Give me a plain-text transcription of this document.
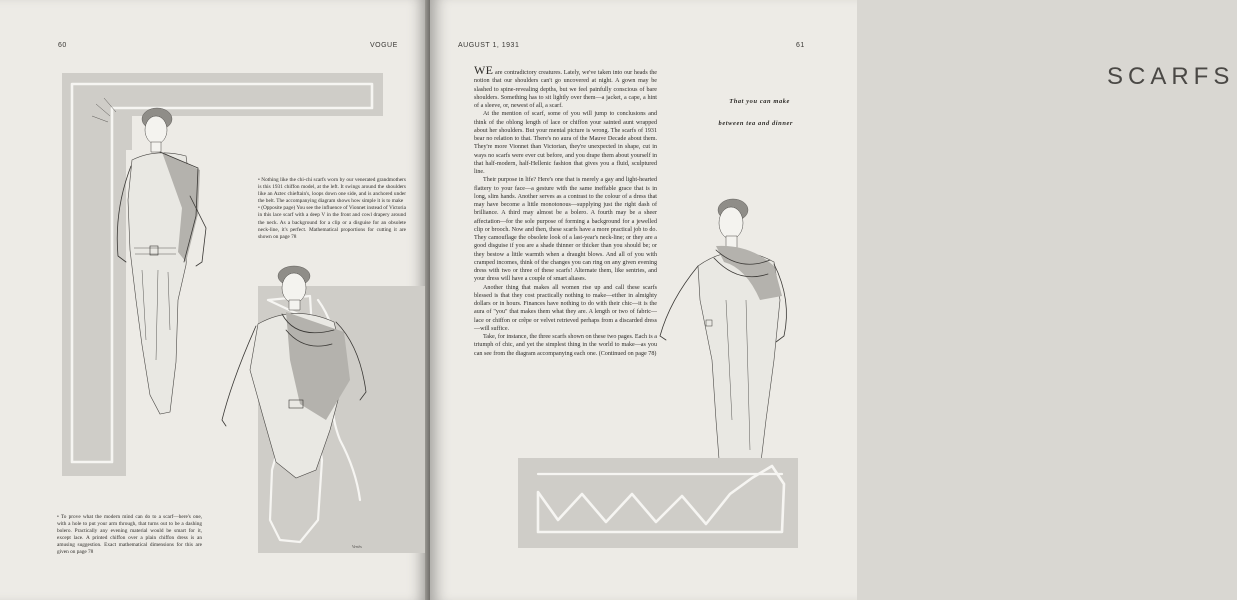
60	VOGUE

• Nothing like the chi-chi scarfs worn by our venerated grandmothers is this 1931 chiffon model, at the left. It swings around the shoulders like an Aztec chieftain's, loops down one side, and is anchored under the belt. The accompanying diagram shows how simple it is to make

• (Opposite page) You see the influence of Vionnet instead of Victoria in this lace scarf with a deep V in the front and cowl drapery around the neck. As a background for a clip or a disguise for an obsolete neck-line, it's perfect. Mathematical proportions for cutting it are shown on page 78

• To prove what the modern mind can do to a scarf—here's one, with a hole to put your arm through, that turns out to be a dashing bolero. Practically any evening material would be smart for it, except lace. A printed chiffon over a plain chiffon dress is an amusing suggestion. Exact mathematical dimensions for this are given on page 78

AUGUST 1, 1931	61
SCARFS
That you can make
between tea and dinner

WE are contradictory creatures. Lately, we've taken into our heads the notion that our shoulders can't go uncovered at night. A gown may be slashed to spine-revealing depths, but we feel painfully conscious of bare shoulders. Something has to sit lightly over them—a jacket, a cape, a hint of a sleeve, or, newest of all, a scarf.

At the mention of scarf, some of you will jump to conclusions and think of the oblong length of lace or chiffon your sainted aunt wrapped about her shoulders. But your mental picture is wrong. The scarfs of 1931 bear no relation to that. There's no aura of the Mauve Decade about them. They're more Vionnet than Victorian, they're unexpected in shape, cut in ways no scarfs were ever cut before, and you drape them about yourself in that half-modern, half-Hellenic fashion that gives you a fluid, sculptured line.

Their purpose in life? Here's one that is merely a gay and light-hearted flattery to your face—a gesture with the same ineffable grace that is in long, slim hands. Another serves as a contrast to the colour of a dress that may have become a little monotonous—supplying just the right dash of brilliance. A third may almost be a bolero. A fourth may be a sheer affectation—for the sole purpose of forming a background for a jewelled clip or brooch. Now and then, these scarfs have a more practical job to do. They camouflage the obsolete look of a last-year's neck-line; or they are a good disguise if you are a shade thinner or thicker than you should be; or they bestow a little warmth when a draught blows. And all of you with cramped incomes, think of the changes you can ring on any given evening dress with two or three of these scarfs! Alternate them, like sentries, and your dress will have a couple of smart aliases.

Another thing that makes all women rise up and call these scarfs blessed is that they cost practically nothing to make—either in almighty dollars or in hours. Finances have nothing to do with their chic—it is the aura of "you" that makes them what they are. A length or two of fabric—lace or chiffon or crêpe or velvet retrieved perhaps from a discarded dress—will suffice.

Take, for instance, the three scarfs shown on these two pages. Each is a triumph of chic, and yet the simplest thing in the world to make—as you can see from the diagram accompanying each one. (Continued on page 78)

Vertès
